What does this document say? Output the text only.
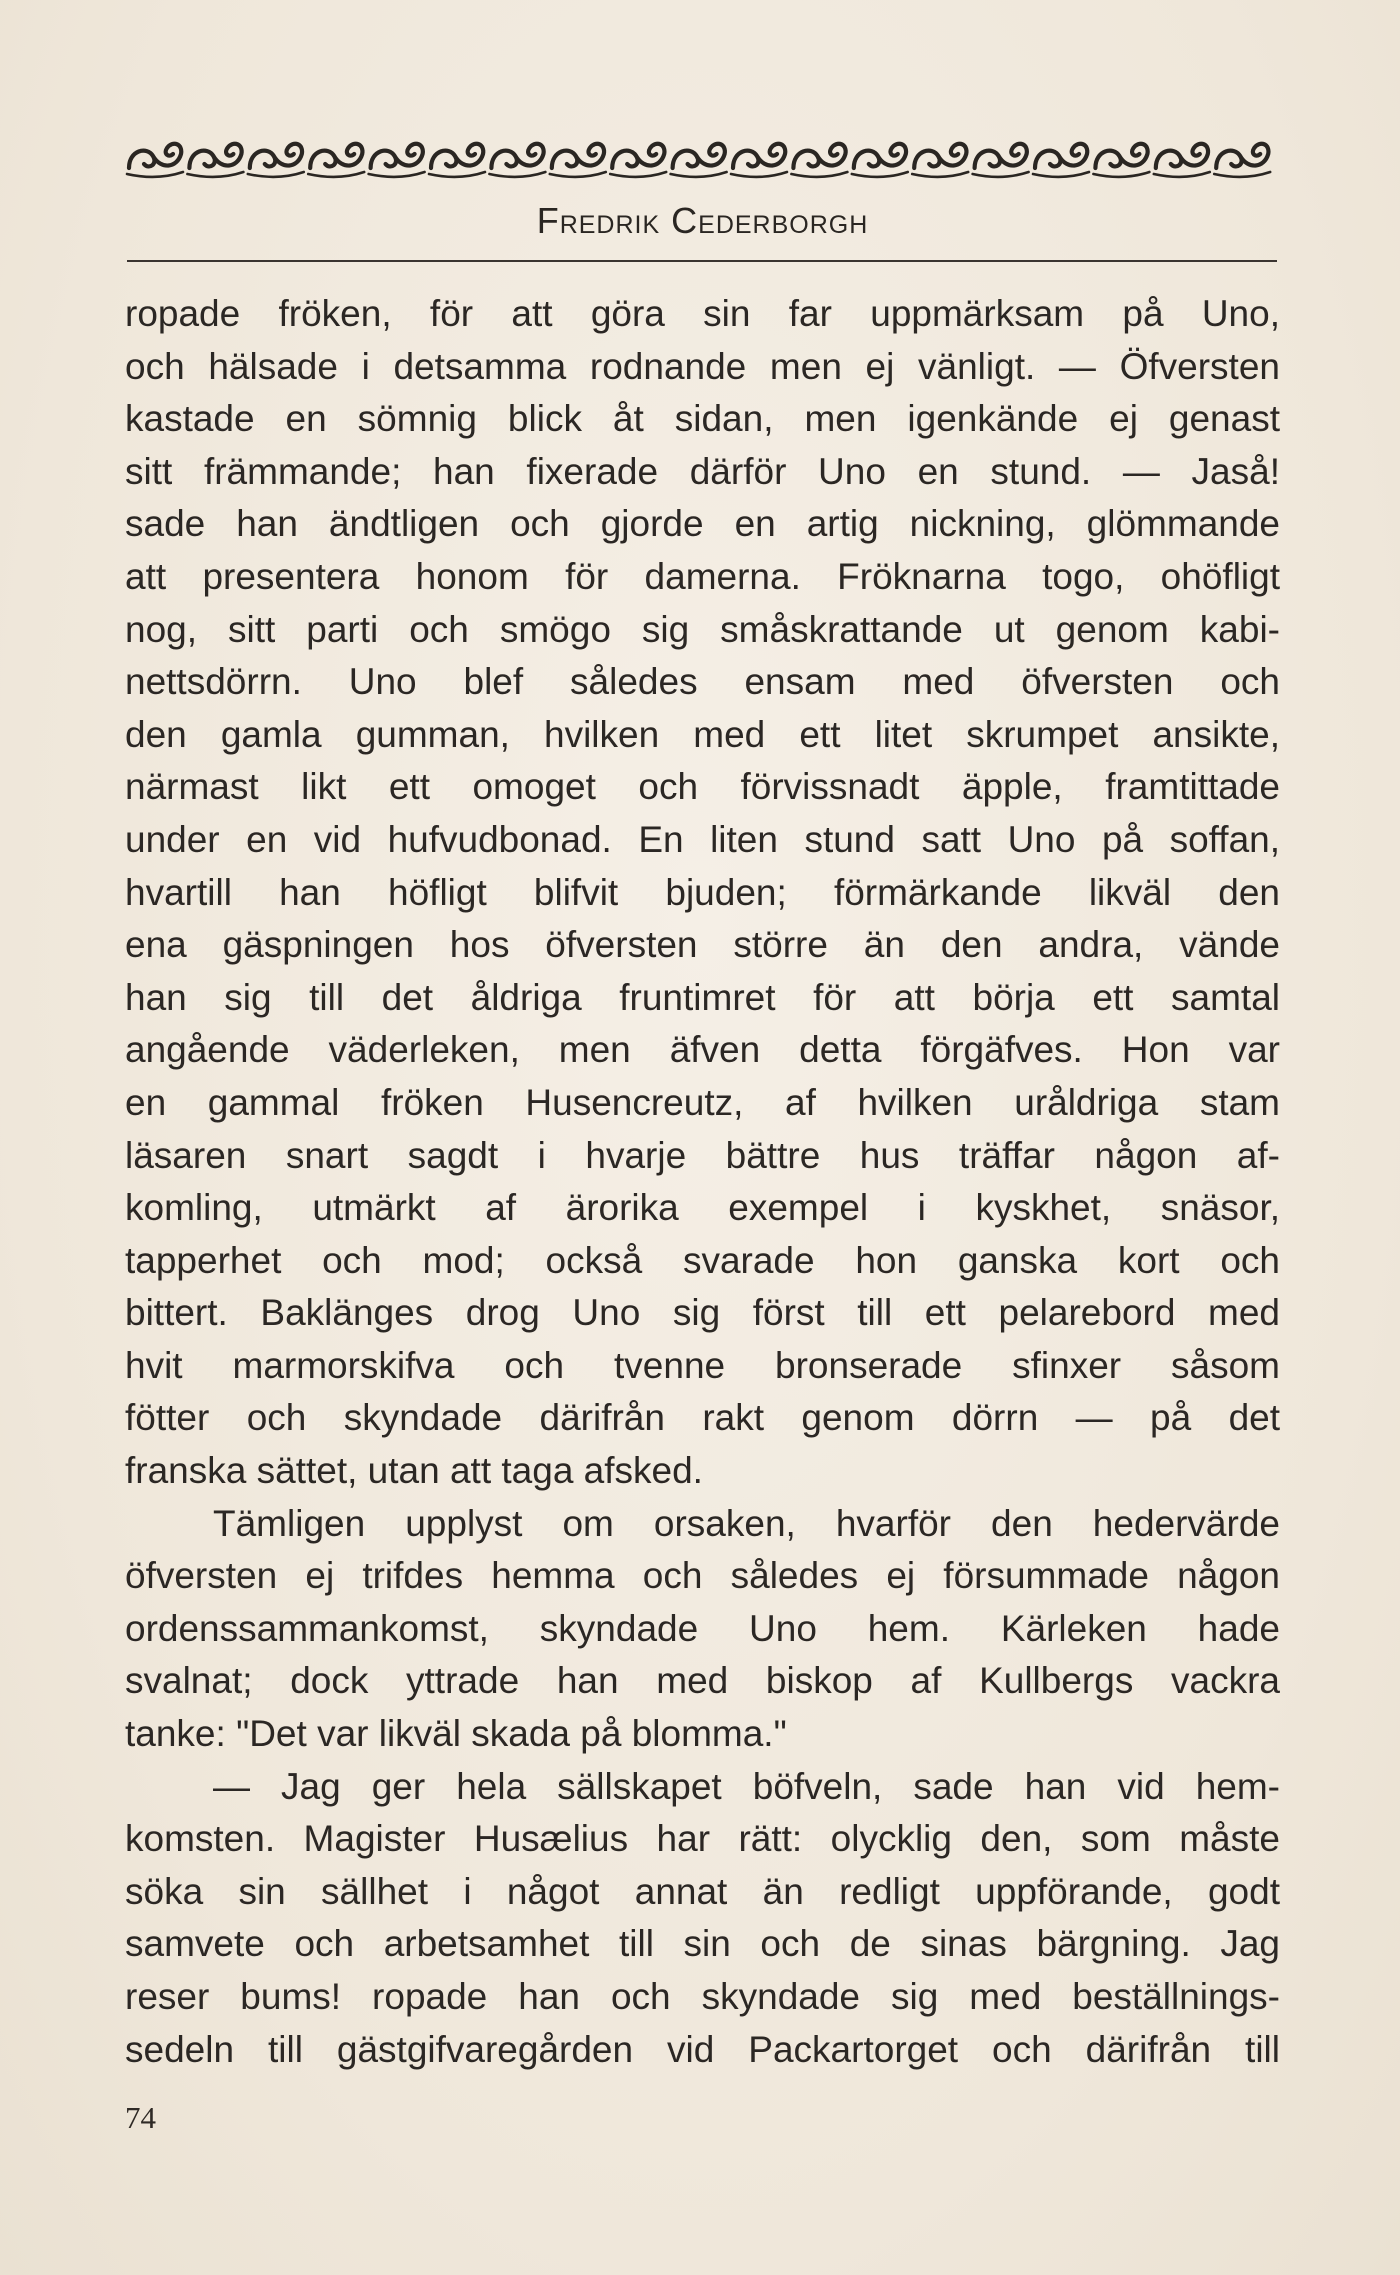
Fredrik Cederborgh
ropade fröken, för att göra sin far uppmärksam på Uno,
och hälsade i detsamma rodnande men ej vänligt. — Öfversten
kastade en sömnig blick åt sidan, men igenkände ej genast
sitt främmande; han fixerade därför Uno en stund. — Jaså!
sade han ändtligen och gjorde en artig nickning, glömmande
att presentera honom för damerna. Fröknarna togo, ohöfligt
nog, sitt parti och smögo sig småskrattande ut genom kabi-
nettsdörrn. Uno blef således ensam med öfversten och
den gamla gumman, hvilken med ett litet skrumpet ansikte,
närmast likt ett omoget och förvissnadt äpple, framtittade
under en vid hufvudbonad. En liten stund satt Uno på soffan,
hvartill han höfligt blifvit bjuden; förmärkande likväl den
ena gäspningen hos öfversten större än den andra, vände
han sig till det åldriga fruntimret för att börja ett samtal
angående väderleken, men äfven detta förgäfves. Hon var
en gammal fröken Husencreutz, af hvilken uråldriga stam
läsaren snart sagdt i hvarje bättre hus träffar någon af-
komling, utmärkt af ärorika exempel i kyskhet, snäsor,
tapperhet och mod; också svarade hon ganska kort och
bittert. Baklänges drog Uno sig först till ett pelarebord med
hvit marmorskifva och tvenne bronserade sfinxer såsom
fötter och skyndade därifrån rakt genom dörrn — på det
franska sättet, utan att taga afsked.
Tämligen upplyst om orsaken, hvarför den hedervärde
öfversten ej trifdes hemma och således ej försummade någon
ordenssammankomst, skyndade Uno hem. Kärleken hade
svalnat; dock yttrade han med biskop af Kullbergs vackra
tanke: "Det var likväl skada på blomma."
— Jag ger hela sällskapet böfveln, sade han vid hem-
komsten. Magister Husælius har rätt: olycklig den, som måste
söka sin sällhet i något annat än redligt uppförande, godt
samvete och arbetsamhet till sin och de sinas bärgning. Jag
reser bums! ropade han och skyndade sig med beställnings-
sedeln till gästgifvaregården vid Packartorget och därifrån till
74
